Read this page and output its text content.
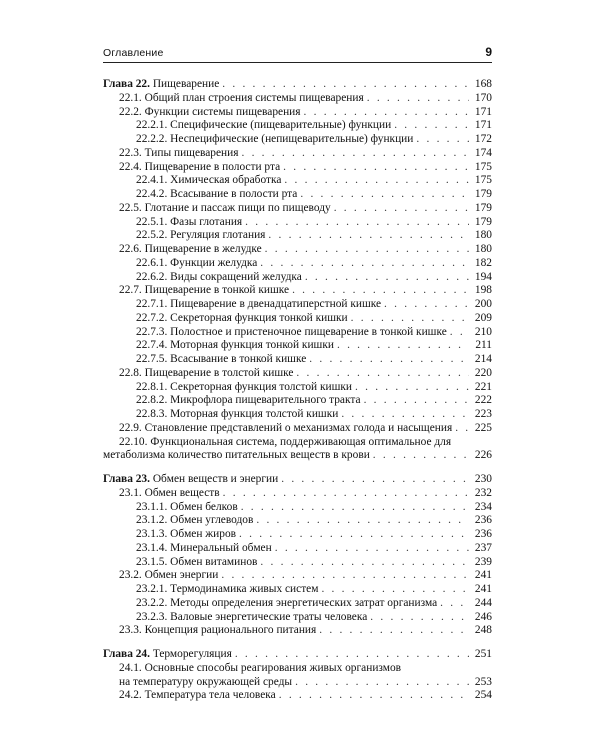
Оглавление	9
Глава 22. Пищеварение . . .	168
22.1. Общий план строения системы пищеварения . . .	170
22.2. Функции системы пищеварения . . .	171
22.2.1. Специфические (пищеварительные) функции . . .	171
22.2.2. Неспецифические (непищеварительные) функции . . .	172
22.3. Типы пищеварения . . .	174
22.4. Пищеварение в полости рта . . .	175
22.4.1. Химическая обработка . . .	175
22.4.2. Всасывание в полости рта . . .	179
22.5. Глотание и пассаж пищи по пищеводу . . .	179
22.5.1. Фазы глотания . . .	179
22.5.2. Регуляция глотания . . .	180
22.6. Пищеварение в желудке . . .	180
22.6.1. Функции желудка . . .	182
22.6.2. Виды сокращений желудка . . .	194
22.7. Пищеварение в тонкой кишке . . .	198
22.7.1. Пищеварение в двенадцатиперстной кишке . . .	200
22.7.2. Секреторная функция тонкой кишки . . .	209
22.7.3. Полостное и пристеночное пищеварение в тонкой кишке . . . 210
22.7.4. Моторная функция тонкой кишки . . .	211
22.7.5. Всасывание в тонкой кишке . . .	214
22.8. Пищеварение в толстой кишке . . .	220
22.8.1. Секреторная функция толстой кишки . . .	221
22.8.2. Микрофлора пищеварительного тракта . . .	222
22.8.3. Моторная функция толстой кишки . . .	223
22.9. Становление представлений о механизмах голода и насыщения . . . 225
22.10. Функциональная система, поддерживающая оптимальное для
метаболизма количество питательных веществ в крови . . .	226
Глава 23. Обмен веществ и энергии . . .	230
23.1. Обмен веществ . . .	232
23.1.1. Обмен белков . . .	234
23.1.2. Обмен углеводов . . .	236
23.1.3. Обмен жиров . . .	236
23.1.4. Минеральный обмен . . .	237
23.1.5. Обмен витаминов . . .	239
23.2. Обмен энергии . . .	241
23.2.1. Термодинамика живых систем . . .	241
23.2.2. Методы определения энергетических затрат организма . . .	244
23.2.3. Валовые энергетические траты человека . . .	246
23.3. Концепция рационального питания . . .	248
Глава 24. Терморегуляция . . .	251
24.1. Основные способы реагирования живых организмов
на температуру окружающей среды . . .	253
24.2. Температура тела человека . . .	254
